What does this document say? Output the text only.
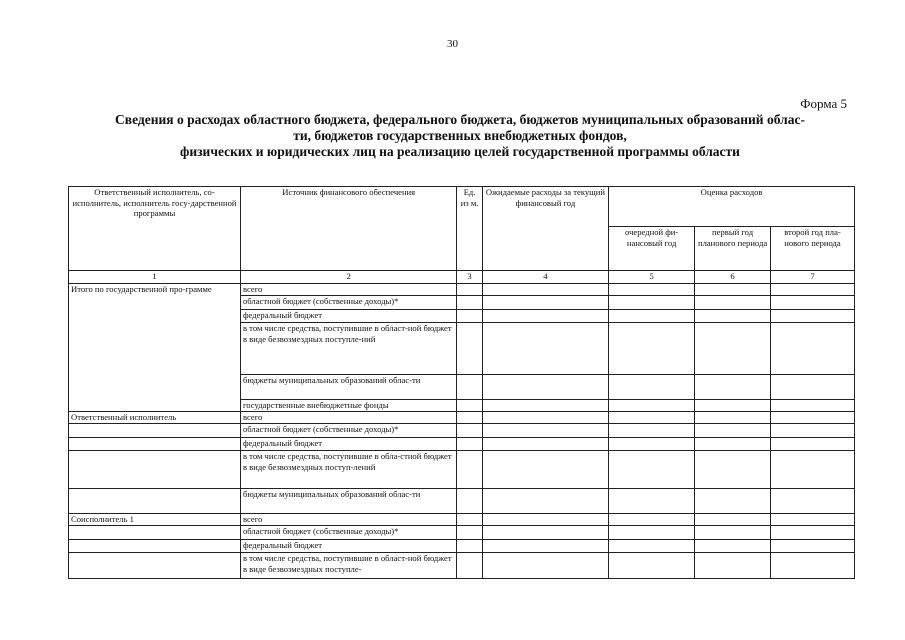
30
Форма 5
Сведения о расходах областного бюджета, федерального бюджета, бюджетов муниципальных образований облас-
ти, бюджетов государственных внебюджетных фондов,
физических и юридических лиц на реализацию целей государственной программы области
Ответственный исполнитель, со-исполнитель, исполнитель госу-дарственной программы	Источник финансового обеспечения	Ед. из м.	Ожидаемые расходы за текущий финансовый год	Оценка расходов		
				очередной фи-нансовый год	первый год планового периода	второй год пла-нового периода
1	2	3	4	5	6	7
Итого по государственной про-грамме	всего					
	областной бюджет (собственные доходы)*					
	федеральный бюджет					
	в том числе средства, поступившие в област-ной бюджет в виде безвозмездных поступле-ний					
	бюджеты муниципальных образований облас-ти					
	государственные внебюджетные фонды					
Ответственный исполнитель	всего					
	областной бюджет (собственные доходы)*					
	федеральный бюджет					
	в том числе средства, поступившие в обла-стной бюджет в виде безвозмездных поступ-лений					
	бюджеты муниципальных образований облас-ти					
Соисполнитель 1	всего					
	областной бюджет (собственные доходы)*					
	федеральный бюджет					
	в том числе средства, поступившие в област-ной бюджет в виде безвозмездных поступле-					
